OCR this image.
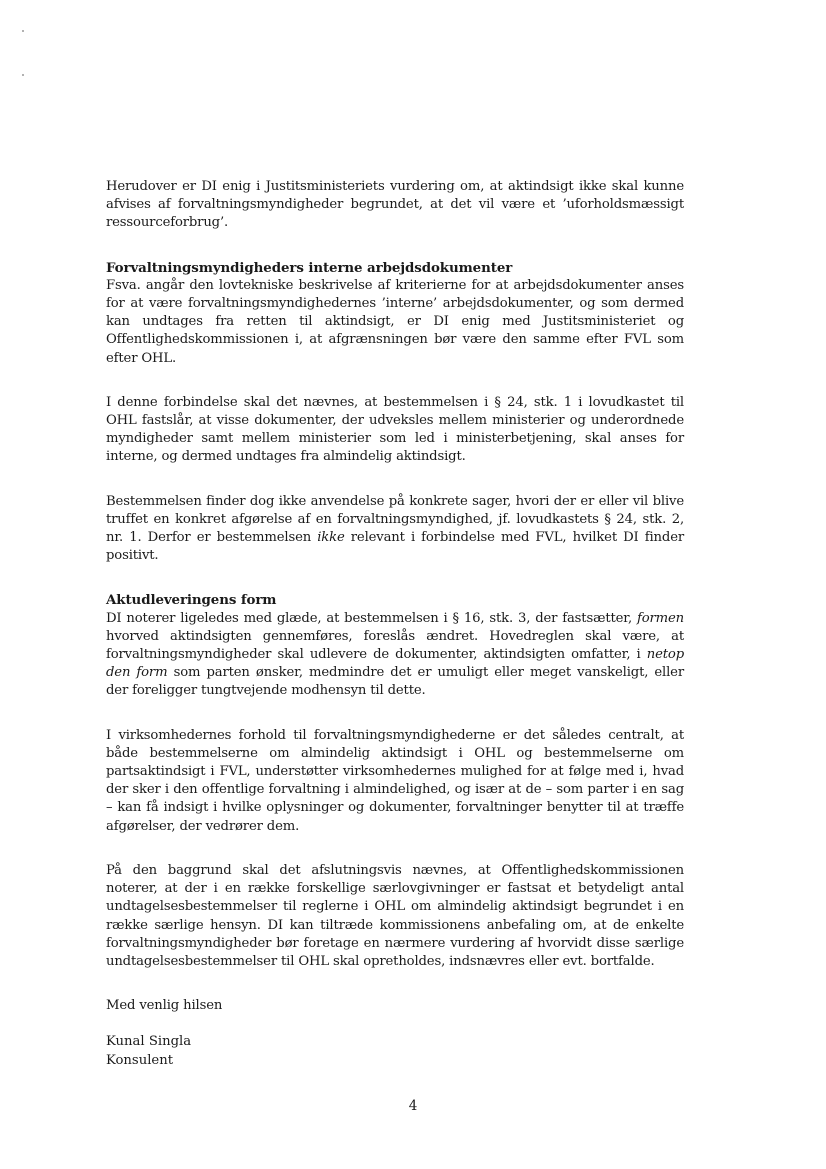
Herudover er DI enig i Justitsministeriets vurdering om, at aktindsigt ikke skal kunne afvises af forvaltningsmyndigheder begrundet, at det vil være et ’uforholdsmæssigt ressourceforbrug’.

Forvaltningsmyndigheders interne arbejdsdokumenter

Fsva. angår den lovtekniske beskrivelse af kriterierne for at arbejdsdokumenter anses for at være forvaltningsmyndighedernes ’interne’ arbejdsdokumenter, og som dermed kan undtages fra retten til aktindsigt, er DI enig med Justitsministeriet og Offentlighedskommissionen i, at afgrænsningen bør være den samme efter FVL som efter OHL.

I denne forbindelse skal det nævnes, at bestemmelsen i § 24, stk. 1 i lovudkastet til OHL fastslår, at visse dokumenter, der udveksles mellem ministerier og underordnede myndigheder samt mellem ministerier som led i ministerbetjening, skal anses for interne, og dermed undtages fra almindelig aktindsigt.

Bestemmelsen finder dog ikke anvendelse på konkrete sager, hvori der er eller vil blive truffet en konkret afgørelse af en forvaltningsmyndighed, jf. lovudkastets § 24, stk. 2, nr. 1. Derfor er bestemmelsen ikke relevant i forbindelse med FVL, hvilket DI finder positivt.

Aktudleveringens form

DI noterer ligeledes med glæde, at bestemmelsen i § 16, stk. 3, der fastsætter, formen hvorved aktindsigten gennemføres, foreslås ændret. Hovedreglen skal være, at forvaltningsmyndigheder skal udlevere de dokumenter, aktindsigten omfatter, i netop den form som parten ønsker, medmindre det er umuligt eller meget vanskeligt, eller der foreligger tungtvejende modhensyn til dette.

I virksomhedernes forhold til forvaltningsmyndighederne er det således centralt, at både bestemmelserne om almindelig aktindsigt i OHL og bestemmelserne om partsaktindsigt i FVL, understøtter virksomhedernes mulighed for at følge med i, hvad der sker i den offentlige forvaltning i almindelighed, og især at de – som parter i en sag – kan få indsigt i hvilke oplysninger og dokumenter, forvaltninger benytter til at træffe afgørelser, der vedrører dem.

På den baggrund skal det afslutningsvis nævnes, at Offentlighedskommissionen noterer, at der i en række forskellige særlovgivninger er fastsat et betydeligt antal undtagelsesbestemmelser til reglerne i OHL om almindelig aktindsigt begrundet i en række særlige hensyn. DI kan tiltræde kommissionens anbefaling om, at de enkelte forvaltningsmyndigheder bør foretage en nærmere vurdering af hvorvidt disse særlige undtagelsesbestemmelser til OHL skal opretholdes, indsnævres eller evt. bortfalde.

Med venlig hilsen

Kunal Singla
Konsulent
4
